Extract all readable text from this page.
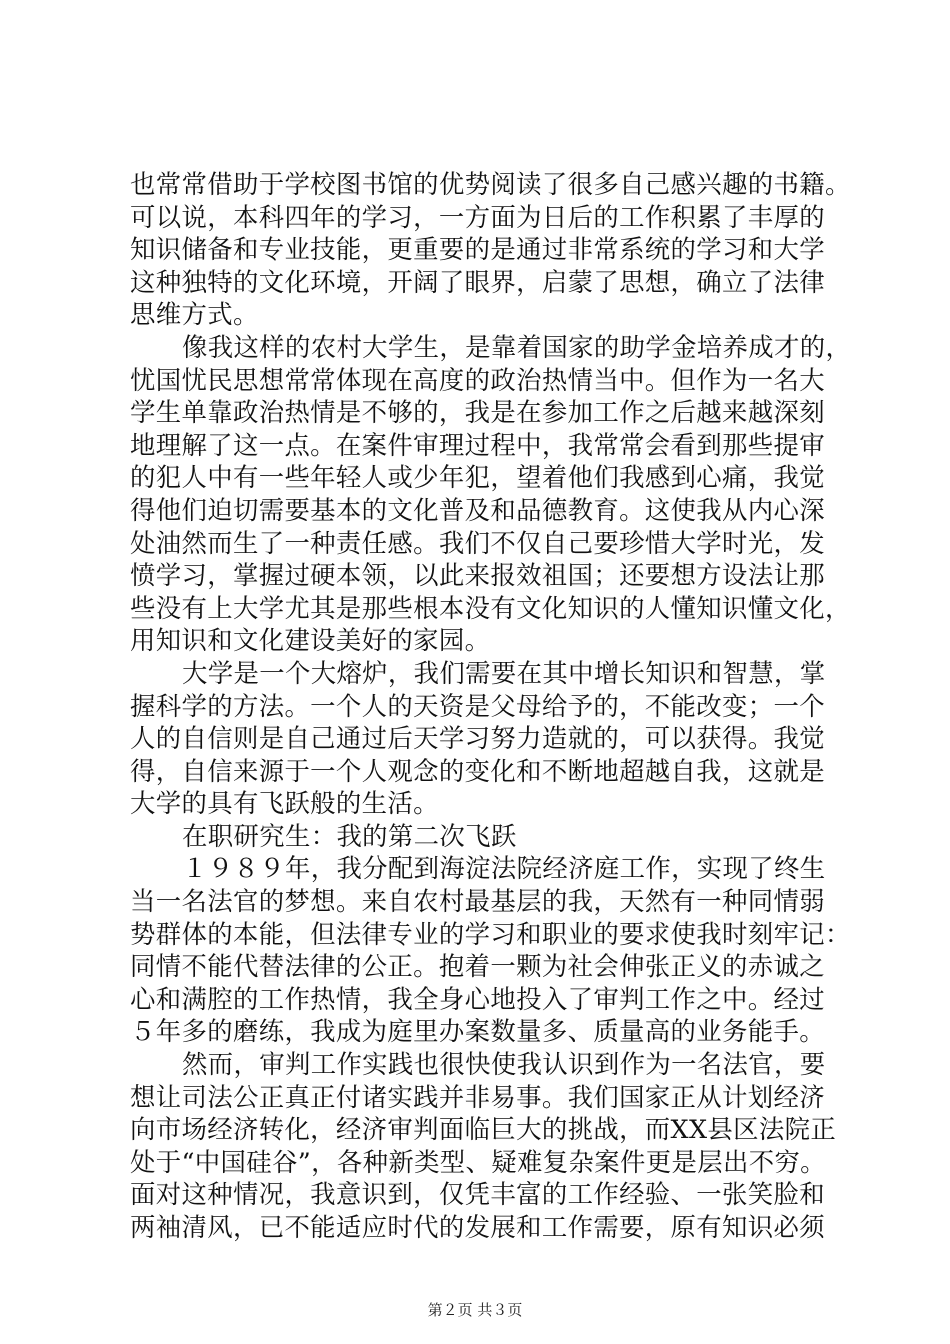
也常常借助于学校图书馆的优势阅读了很多自己感兴趣的书籍。
可以说，本科四年的学习，一方面为日后的工作积累了丰厚的
知识储备和专业技能，更重要的是通过非常系统的学习和大学
这种独特的文化环境，开阔了眼界，启蒙了思想，确立了法律
思维方式。
像我这样的农村大学生，是靠着国家的助学金培养成才的，
忧国忧民思想常常体现在高度的政治热情当中。但作为一名大
学生单靠政治热情是不够的，我是在参加工作之后越来越深刻
地理解了这一点。在案件审理过程中，我常常会看到那些提审
的犯人中有一些年轻人或少年犯，望着他们我感到心痛，我觉
得他们迫切需要基本的文化普及和品德教育。这使我从内心深
处油然而生了一种责任感。我们不仅自己要珍惜大学时光，发
愤学习，掌握过硬本领，以此来报效祖国；还要想方设法让那
些没有上大学尤其是那些根本没有文化知识的人懂知识懂文化，
用知识和文化建设美好的家园。
大学是一个大熔炉，我们需要在其中增长知识和智慧，掌
握科学的方法。一个人的天资是父母给予的，不能改变；一个
人的自信则是自己通过后天学习努力造就的，可以获得。我觉
得，自信来源于一个人观念的变化和不断地超越自我，这就是
大学的具有飞跃般的生活。
在职研究生：我的第二次飞跃
１９８９年，我分配到海淀法院经济庭工作，实现了终生
当一名法官的梦想。来自农村最基层的我，天然有一种同情弱
势群体的本能，但法律专业的学习和职业的要求使我时刻牢记：
同情不能代替法律的公正。抱着一颗为社会伸张正义的赤诚之
心和满腔的工作热情，我全身心地投入了审判工作之中。经过
５年多的磨练，我成为庭里办案数量多、质量高的业务能手。
然而，审判工作实践也很快使我认识到作为一名法官，要
想让司法公正真正付诸实践并非易事。我们国家正从计划经济
向市场经济转化，经济审判面临巨大的挑战，而XX县区法院正
处于“中国硅谷”，各种新类型、疑难复杂案件更是层出不穷。
面对这种情况，我意识到，仅凭丰富的工作经验、一张笑脸和
两袖清风，已不能适应时代的发展和工作需要，原有知识必须
第２页 共３页
